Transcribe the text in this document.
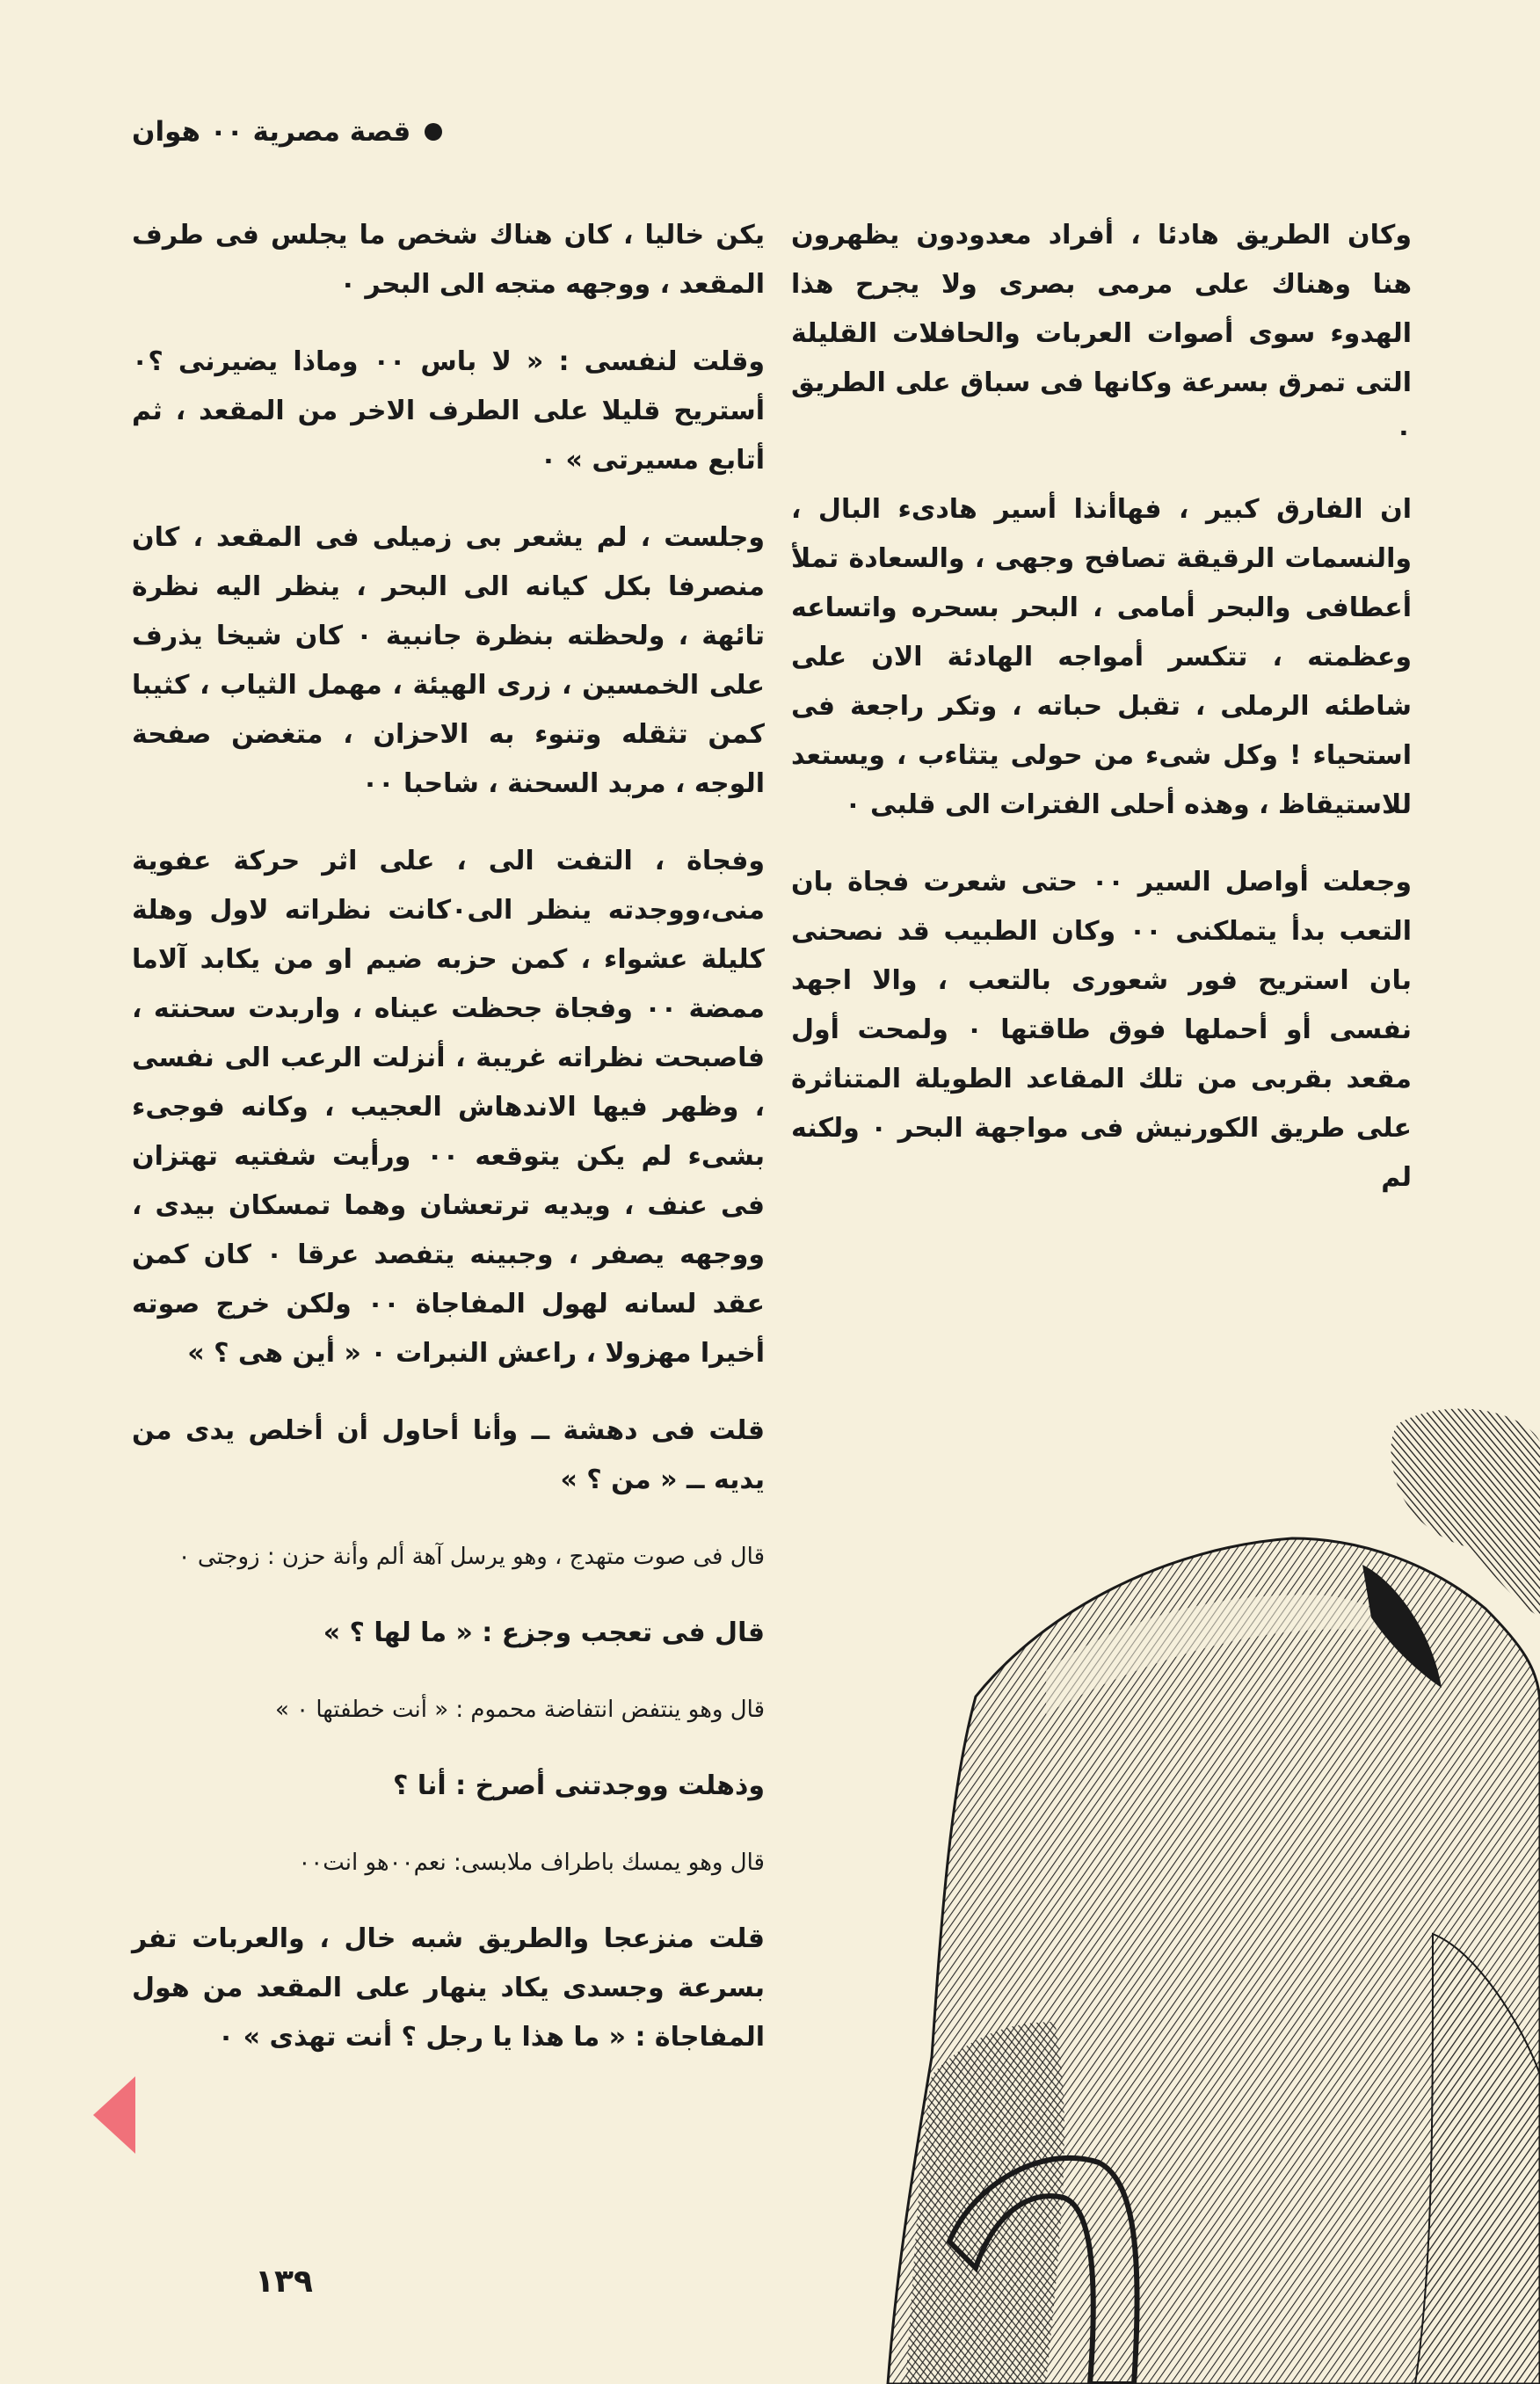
قصة مصرية ٠٠ هوان

وكان الطريق هادئا ، أفراد معدودون يظهرون هنا وهناك على مرمى بصرى ولا يجرح هذا الهدوء سوى أصوات العربات والحافلات القليلة التى تمرق بسرعة وكانها فى سباق على الطريق ٠

ان الفارق كبير ، فهاأنذا أسير هادىء البال ، والنسمات الرقيقة تصافح وجهى ، والسعادة تملأ أعطافى والبحر أمامى ، البحر بسحره واتساعه وعظمته ، تتكسر أمواجه الهادئة الان على شاطئه الرملى ، تقبل حباته ، وتكر راجعة فى استحياء ! وكل شىء من حولى يتثاءب ، ويستعد للاستيقاظ ، وهذه أحلى الفترات الى قلبى ٠

وجعلت أواصل السير ٠٠ حتى شعرت فجاة بان التعب بدأ يتملكنى ٠٠ وكان الطبيب قد نصحنى بان استريح فور شعورى بالتعب ، والا اجهد نفسى أو أحملها فوق طاقتها ٠ ولمحت أول مقعد بقربى من تلك المقاعد الطويلة المتناثرة على طريق الكورنيش فى مواجهة البحر ٠ ولكنه لم

يكن خاليا ، كان هناك شخص ما يجلس فى طرف المقعد ، ووجهه متجه الى البحر ٠

وقلت لنفسى : « لا باس ٠٠ وماذا يضيرنى ؟٠ أستريح قليلا على الطرف الاخر من المقعد ، ثم أتابع مسيرتى » ٠

وجلست ، لم يشعر بى زميلى فى المقعد ، كان منصرفا بكل كيانه الى البحر ، ينظر اليه نظرة تائهة ، ولحظته بنظرة جانبية ٠ كان شيخا يذرف على الخمسين ، زرى الهيئة ، مهمل الثياب ، كثيبا كمن تثقله وتنوء به الاحزان ، متغضن صفحة الوجه ، مربد السحنة ، شاحبا ٠٠

وفجاة ، التفت الى ، على اثر حركة عفوية منى،ووجدته ينظر الى٠كانت نظراته لاول وهلة كليلة عشواء ، كمن حزبه ضيم او من يكابد آلاما ممضة ٠٠ وفجاة جحظت عيناه ، واربدت سحنته ، فاصبحت نظراته غريبة ، أنزلت الرعب الى نفسى ، وظهر فيها الاندهاش العجيب ، وكانه فوجىء بشىء لم يكن يتوقعه ٠٠ ورأيت شفتيه تهتزان فى عنف ، ويديه ترتعشان وهما تمسكان بيدى ، ووجهه يصفر ، وجبينه يتفصد عرقا ٠ كان كمن عقد لسانه لهول المفاجاة ٠٠ ولكن خرج صوته أخيرا مهزولا ، راعش النبرات ٠ « أين هى ؟ »

قلت فى دهشة ــ وأنا أحاول أن أخلص يدى من يديه ــ « من ؟ »

قال فى صوت متهدج ، وهو يرسل آهة ألم وأنة حزن : زوجتى ٠

قال فى تعجب وجزع : « ما لها ؟ »

قال وهو ينتفض انتفاضة محموم : « أنت خطفتها ٠ »

وذهلت ووجدتنى أصرخ : أنا ؟

قال وهو يمسك باطراف ملابسى: نعم٠٠هو انت٠٠

قلت منزعجا والطريق شبه خال ، والعربات تفر بسرعة وجسدى يكاد ينهار على المقعد من هول المفاجاة : « ما هذا يا رجل ؟ أنت تهذى » ٠

١٣٩
